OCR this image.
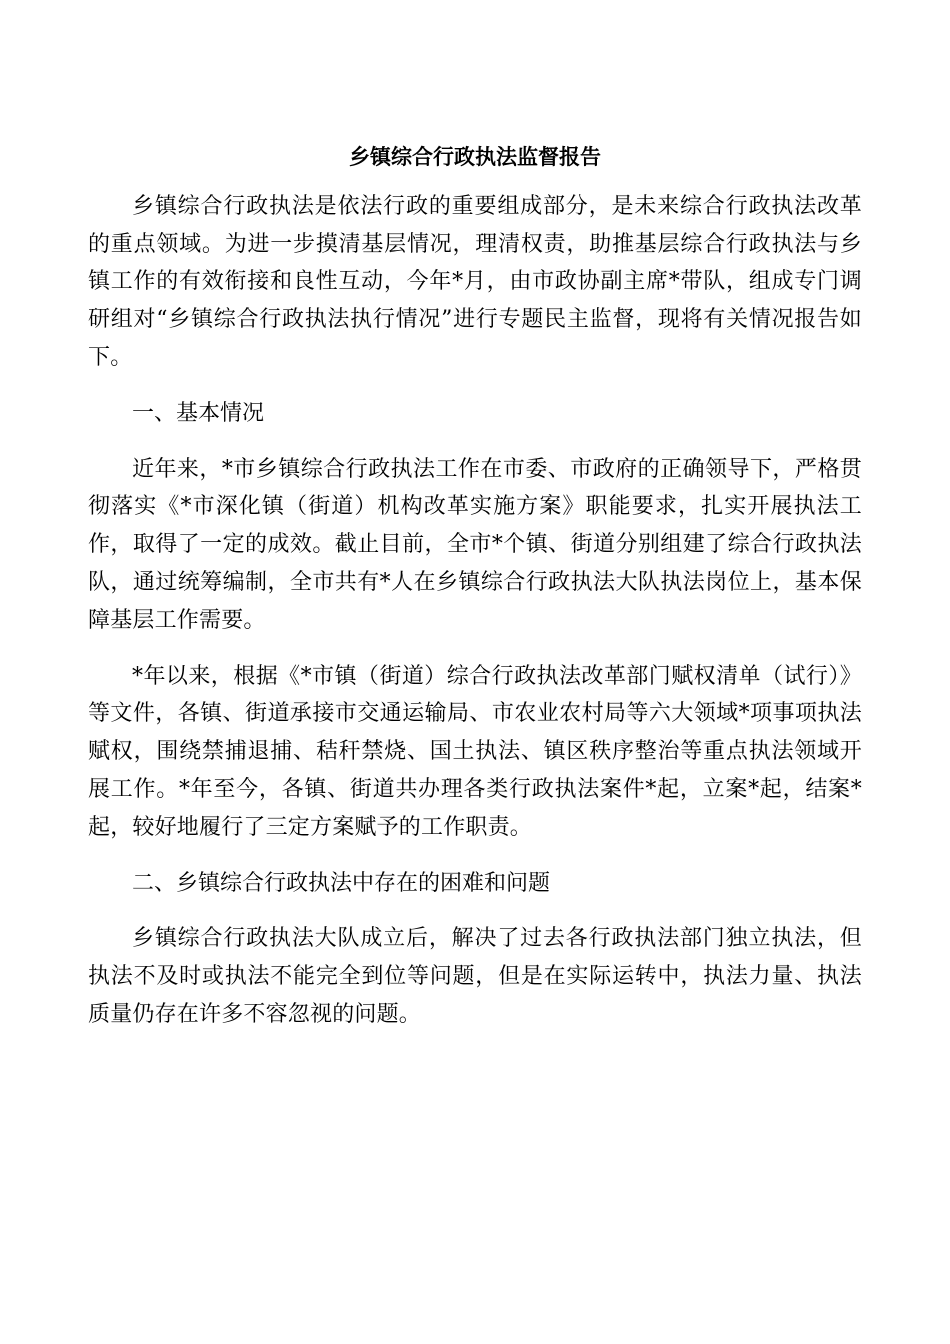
乡镇综合行政执法监督报告

乡镇综合行政执法是依法行政的重要组成部分，是未来综合行政执法改革的重点领域。为进一步摸清基层情况，理清权责，助推基层综合行政执法与乡镇工作的有效衔接和良性互动，今年*月，由市政协副主席*带队，组成专门调研组对“乡镇综合行政执法执行情况”进行专题民主监督，现将有关情况报告如下。

一、基本情况

近年来，*市乡镇综合行政执法工作在市委、市政府的正确领导下，严格贯彻落实《*市深化镇（街道）机构改革实施方案》职能要求，扎实开展执法工作，取得了一定的成效。截止目前，全市*个镇、街道分别组建了综合行政执法队，通过统筹编制，全市共有*人在乡镇综合行政执法大队执法岗位上，基本保障基层工作需要。

*年以来，根据《*市镇（街道）综合行政执法改革部门赋权清单（试行）》等文件，各镇、街道承接市交通运输局、市农业农村局等六大领域*项事项执法赋权，围绕禁捕退捕、秸秆禁烧、国土执法、镇区秩序整治等重点执法领域开展工作。*年至今，各镇、街道共办理各类行政执法案件*起，立案*起，结案*起，较好地履行了三定方案赋予的工作职责。

二、乡镇综合行政执法中存在的困难和问题

乡镇综合行政执法大队成立后，解决了过去各行政执法部门独立执法，但执法不及时或执法不能完全到位等问题，但是在实际运转中，执法力量、执法质量仍存在许多不容忽视的问题。
